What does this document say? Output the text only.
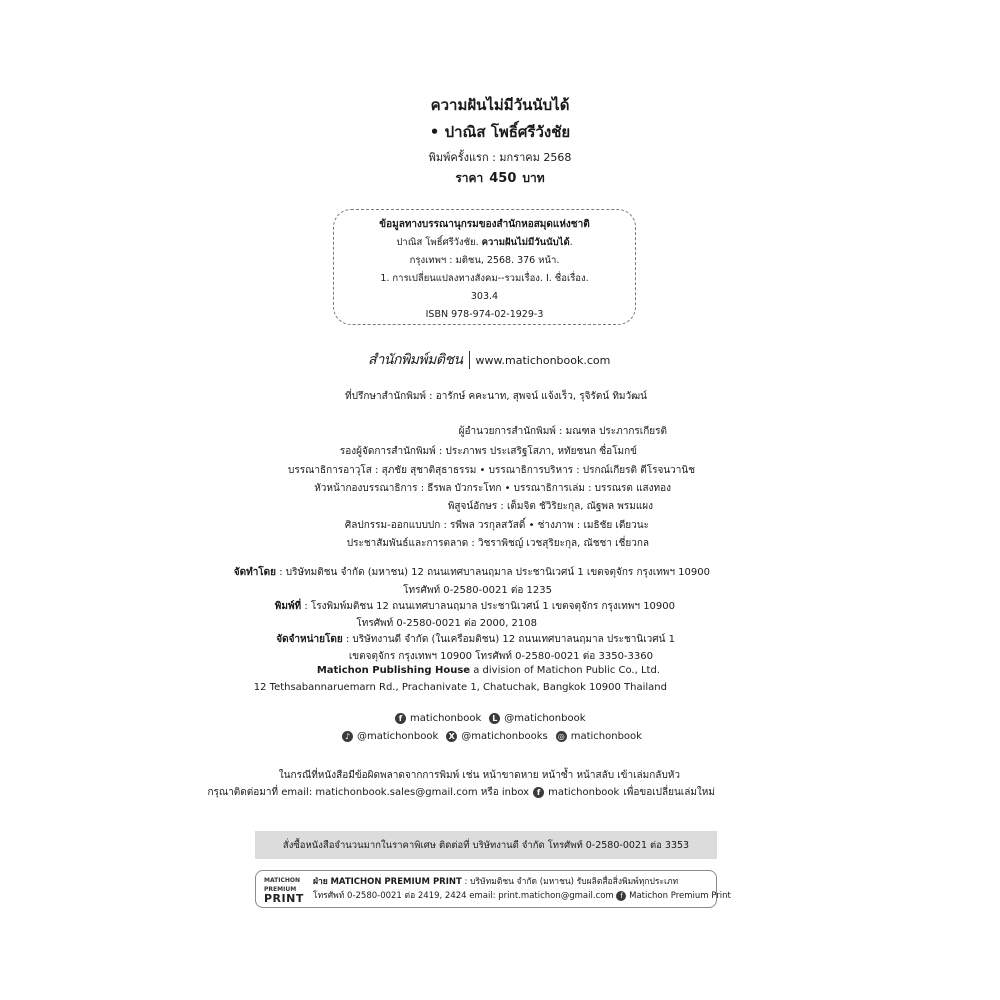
ความฝันไม่มีวันนับได้
• ปาณิส โพธิ์ศรีวังชัย
พิมพ์ครั้งแรก : มกราคม 2568
ราคา 450 บาท
ข้อมูลทางบรรณานุกรมของสำนักหอสมุดแห่งชาติ
ปาณิส โพธิ์ศรีวังชัย. ความฝันไม่มีวันนับได้.
กรุงเทพฯ : มติชน, 2568. 376 หน้า.
1. การเปลี่ยนแปลงทางสังคม--รวมเรื่อง. I. ชื่อเรื่อง.
303.4
ISBN 978-974-02-1929-3
สำนักพิมพ์มติชน	www.matichonbook.com
ที่ปรึกษาสำนักพิมพ์ : อารักษ์ คคะนาท, สุพจน์ แจ้งเร็ว, รุจิรัตน์ ทิมวัฒน์
ผู้อำนวยการสำนักพิมพ์ : มณฑล ประภากรเกียรติ
รองผู้จัดการสำนักพิมพ์ : ประภาพร ประเสริฐโสภา, หทัยชนก ซื่อโมกข์
บรรณาธิการอาวุโส : สุภชัย สุชาติสุธาธรรม • บรรณาธิการบริหาร : ปรกณ์เกียรติ ตีโรจนวานิช
หัวหน้ากองบรรณาธิการ : ธีรพล บัวกระโทก • บรรณาธิการเล่ม : บรรณรต แสงทอง
พิสูจน์อักษร : เต็มจิต ชัวิริยะกุล, ณัฐพล พรมแผง
ศิลปกรรม-ออกแบบปก : รพีพล วรกุลสวัสดิ์ • ช่างภาพ : เมธิชัย เตียวนะ
ประชาสัมพันธ์และการตลาด : วิชราพิชญ์ เวชสุริยะกุล, ณัชชา เชี่ยวกล
จัดทำโดย : บริษัทมติชน จำกัด (มหาชน) 12 ถนนเทศบาลนฤมาล ประชานิเวศน์ 1 เขตจตุจักร กรุงเทพฯ 10900
โทรศัพท์ 0-2580-0021 ต่อ 1235
พิมพ์ที่ : โรงพิมพ์มติชน 12 ถนนเทศบาลนฤมาล ประชานิเวศน์ 1 เขตจตุจักร กรุงเทพฯ 10900
โทรศัพท์ 0-2580-0021 ต่อ 2000, 2108
จัดจำหน่ายโดย : บริษัทงานดี จำกัด (ในเครือมติชน) 12 ถนนเทศบาลนฤมาล ประชานิเวศน์ 1
เขตจตุจักร กรุงเทพฯ 10900 โทรศัพท์ 0-2580-0021 ต่อ 3350-3360
Matichon Publishing House a division of Matichon Public Co., Ltd.
12 Tethsabannaruemarn Rd., Prachanivate 1, Chatuchak, Bangkok 10900 Thailand
f matichonbook	L @matichonbook
♪ @matichonbook	X @matichonbooks ◎ matichonbook
ในกรณีที่หนังสือมีข้อผิดพลาดจากการพิมพ์ เช่น หน้าขาดหาย หน้าซ้ำ หน้าสลับ เข้าเล่มกลับหัว
กรุณาติดต่อมาที่ email: matichonbook.sales@gmail.com หรือ inbox f matichonbook เพื่อขอเปลี่ยนเล่มใหม่
สั่งซื้อหนังสือจำนวนมากในราคาพิเศษ ติดต่อที่ บริษัทงานดี จำกัด โทรศัพท์ 0-2580-0021 ต่อ 3353
MATICHON
PREMIUM
PRINT
ฝ่าย MATICHON PREMIUM PRINT : บริษัทมติชน จำกัด (มหาชน) รับผลิตสื่อสิ่งพิมพ์ทุกประเภท
โทรศัพท์ 0-2580-0021 ต่อ 2419, 2424 email: print.matichon@gmail.com f Matichon Premium Print
